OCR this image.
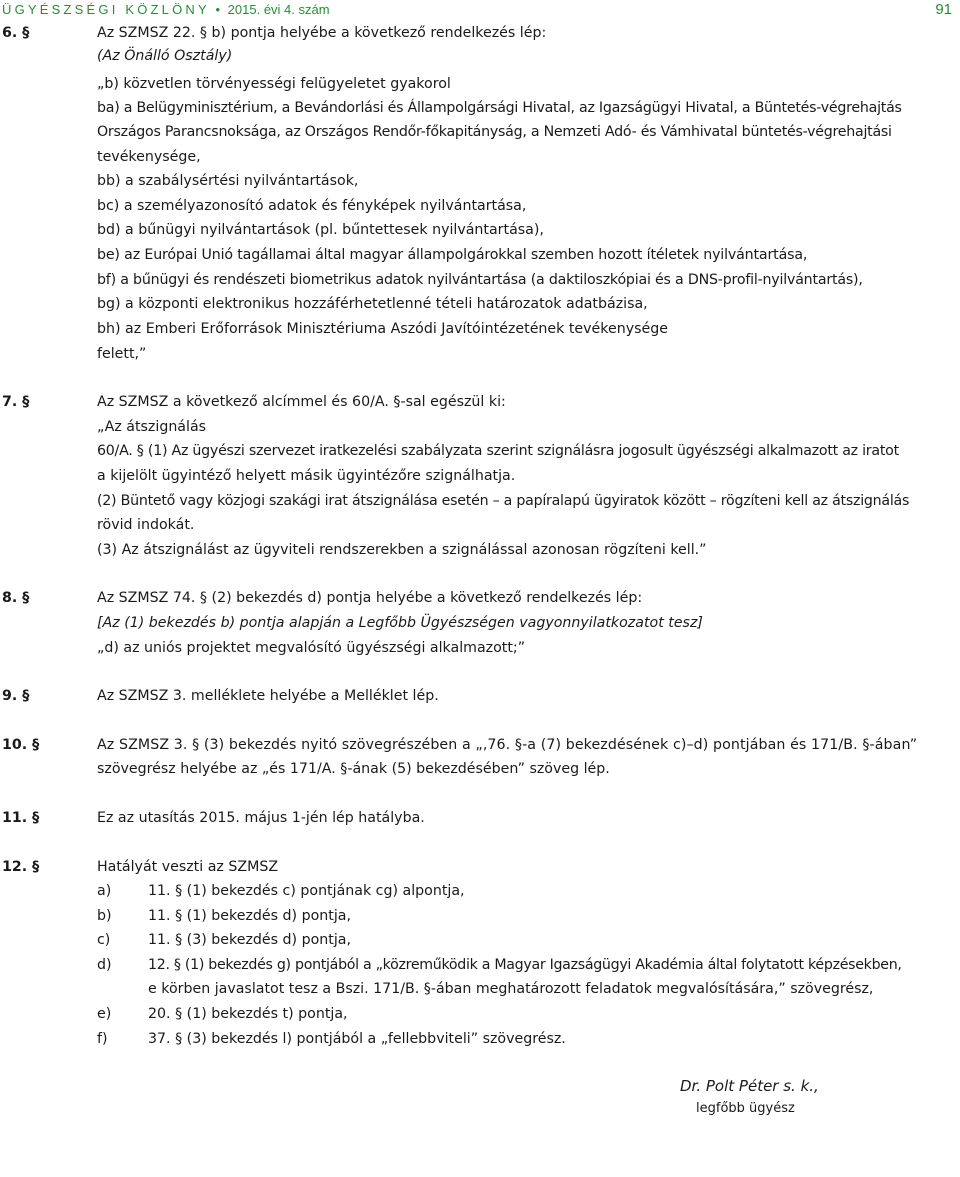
ÜGYÉSZSÉGI KÖZLÖNY • 2015. évi 4. szám	91
6. §	Az SZMSZ 22. § b) pontja helyébe a következő rendelkezés lép:
(Az Önálló Osztály)
„b) közvetlen törvényességi felügyeletet gyakorol
ba) a Belügyminisztérium, a Bevándorlási és Állampolgársági Hivatal, az Igazságügyi Hivatal, a Büntetés-végrehajtás
Országos Parancsnoksága, az Országos Rendőr-főkapitányság, a Nemzeti Adó- és Vámhivatal büntetés-végrehajtási
tevékenysége,
bb) a szabálysértési nyilvántartások,
bc) a személyazonosító adatok és fényképek nyilvántartása,
bd) a bűnügyi nyilvántartások (pl. bűntettesek nyilvántartása),
be) az Európai Unió tagállamai által magyar állampolgárokkal szemben hozott ítéletek nyilvántartása,
bf) a bűnügyi és rendészeti biometrikus adatok nyilvántartása (a daktiloszkópiai és a DNS-profil-nyilvántartás),
bg) a központi elektronikus hozzáférhetetlenné tételi határozatok adatbázisa,
bh) az Emberi Erőforrások Minisztériuma Aszódi Javítóintézetének tevékenysége
felett,”
7. §	Az SZMSZ a következő alcímmel és 60/A. §-sal egészül ki:
„Az átszignálás
60/A. § (1) Az ügyészi szervezet iratkezelési szabályzata szerint szignálásra jogosult ügyészségi alkalmazott az iratot
a kijelölt ügyintéző helyett másik ügyintézőre szignálhatja.
(2) Büntető vagy közjogi szakági irat átszignálása esetén – a papíralapú ügyiratok között – rögzíteni kell az átszignálás
rövid indokát.
(3) Az átszignálást az ügyviteli rendszerekben a szignálással azonosan rögzíteni kell.”
8. §	Az SZMSZ 74. § (2) bekezdés d) pontja helyébe a következő rendelkezés lép:
[Az (1) bekezdés b) pontja alapján a Legfőbb Ügyészségen vagyonnyilatkozatot tesz]
„d) az uniós projektet megvalósító ügyészségi alkalmazott;”
9. §	Az SZMSZ 3. melléklete helyébe a Melléklet lép.
10. §	Az SZMSZ 3. § (3) bekezdés nyitó szövegrészében a „,76. §-a (7) bekezdésének c)–d) pontjában és 171/B. §-ában”
szövegrész helyébe az „és 171/A. §-ának (5) bekezdésében” szöveg lép.
11. §	Ez az utasítás 2015. május 1-jén lép hatályba.
12. §	Hatályát veszti az SZMSZ
a)	11. § (1) bekezdés c) pontjának cg) alpontja,
b)	11. § (1) bekezdés d) pontja,
c)	11. § (3) bekezdés d) pontja,
d)	12. § (1) bekezdés g) pontjából a „közreműködik a Magyar Igazságügyi Akadémia által folytatott képzésekben,
e körben javaslatot tesz a Bszi. 171/B. §-ában meghatározott feladatok megvalósítására,” szövegrész,
e)	20. § (1) bekezdés t) pontja,
f)	37. § (3) bekezdés l) pontjából a „fellebbviteli” szövegrész.
Dr. Polt Péter s. k.,
legfőbb ügyész
